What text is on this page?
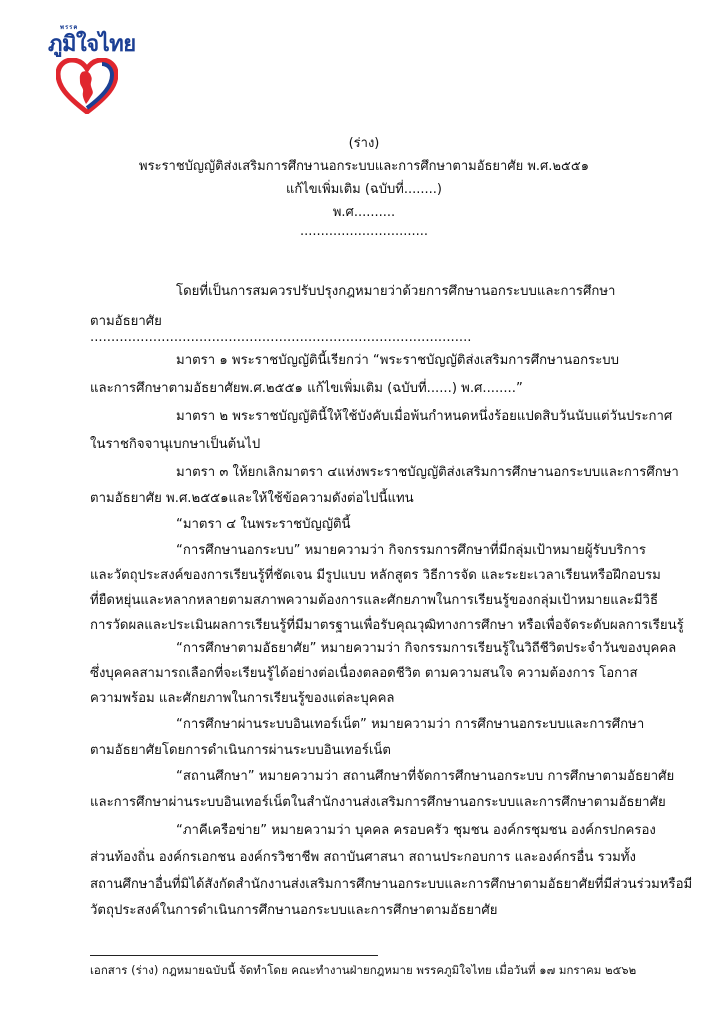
พรรค
ภูมิใจไทย
(ร่าง)
พระราชบัญญัติส่งเสริมการศึกษานอกระบบและการศึกษาตามอัธยาศัย พ.ศ.๒๕๕๑
แก้ไขเพิ่มเติม (ฉบับที่........)
พ.ศ..........
...............................
โดยที่เป็นการสมควรปรับปรุงกฎหมายว่าด้วยการศึกษานอกระบบและการศึกษา
ตามอัธยาศัย
...........................................................................................
มาตรา ๑ พระราชบัญญัตินี้เรียกว่า “พระราชบัญญัติส่งเสริมการศึกษานอกระบบ
และการศึกษาตามอัธยาศัยพ.ศ.๒๕๕๑ แก้ไขเพิ่มเติม (ฉบับที่......) พ.ศ........”
มาตรา ๒ พระราชบัญญัตินี้ให้ใช้บังคับเมื่อพ้นกำหนดหนึ่งร้อยแปดสิบวันนับแต่วันประกาศ
ในราชกิจจานุเบกษาเป็นต้นไป
มาตรา ๓ ให้ยกเลิกมาตรา ๔แห่งพระราชบัญญัติส่งเสริมการศึกษานอกระบบและการศึกษา
ตามอัธยาศัย พ.ศ.๒๕๕๑และให้ใช้ข้อความดังต่อไปนี้แทน
“มาตรา ๔ ในพระราชบัญญัตินี้
“การศึกษานอกระบบ” หมายความว่า กิจกรรมการศึกษาที่มีกลุ่มเป้าหมายผู้รับบริการ
และวัตถุประสงค์ของการเรียนรู้ที่ชัดเจน มีรูปแบบ หลักสูตร วิธีการจัด และระยะเวลาเรียนหรือฝึกอบรม
ที่ยืดหยุ่นและหลากหลายตามสภาพความต้องการและศักยภาพในการเรียนรู้ของกลุ่มเป้าหมายและมีวิธี
การวัดผลและประเมินผลการเรียนรู้ที่มีมาตรฐานเพื่อรับคุณวุฒิทางการศึกษา หรือเพื่อจัดระดับผลการเรียนรู้
“การศึกษาตามอัธยาศัย” หมายความว่า กิจกรรมการเรียนรู้ในวิถีชีวิตประจำวันของบุคคล
ซึ่งบุคคลสามารถเลือกที่จะเรียนรู้ได้อย่างต่อเนื่องตลอดชีวิต ตามความสนใจ ความต้องการ โอกาส
ความพร้อม และศักยภาพในการเรียนรู้ของแต่ละบุคคล
“การศึกษาผ่านระบบอินเทอร์เน็ต” หมายความว่า การศึกษานอกระบบและการศึกษา
ตามอัธยาศัยโดยการดำเนินการผ่านระบบอินเทอร์เน็ต
“สถานศึกษา” หมายความว่า สถานศึกษาที่จัดการศึกษานอกระบบ การศึกษาตามอัธยาศัย
และการศึกษาผ่านระบบอินเทอร์เน็ตในสำนักงานส่งเสริมการศึกษานอกระบบและการศึกษาตามอัธยาศัย
“ภาคีเครือข่าย” หมายความว่า บุคคล ครอบครัว ชุมชน องค์กรชุมชน องค์กรปกครอง
ส่วนท้องถิ่น องค์กรเอกชน องค์กรวิชาชีพ สถาบันศาสนา สถานประกอบการ และองค์กรอื่น รวมทั้ง
สถานศึกษาอื่นที่มิได้สังกัดสำนักงานส่งเสริมการศึกษานอกระบบและการศึกษาตามอัธยาศัยที่มีส่วนร่วมหรือมี
วัตถุประสงค์ในการดำเนินการศึกษานอกระบบและการศึกษาตามอัธยาศัย
เอกสาร (ร่าง) กฎหมายฉบับนี้ จัดทำโดย คณะทำงานฝ่ายกฎหมาย พรรคภูมิใจไทย เมื่อวันที่ ๑๗ มกราคม ๒๕๖๒
